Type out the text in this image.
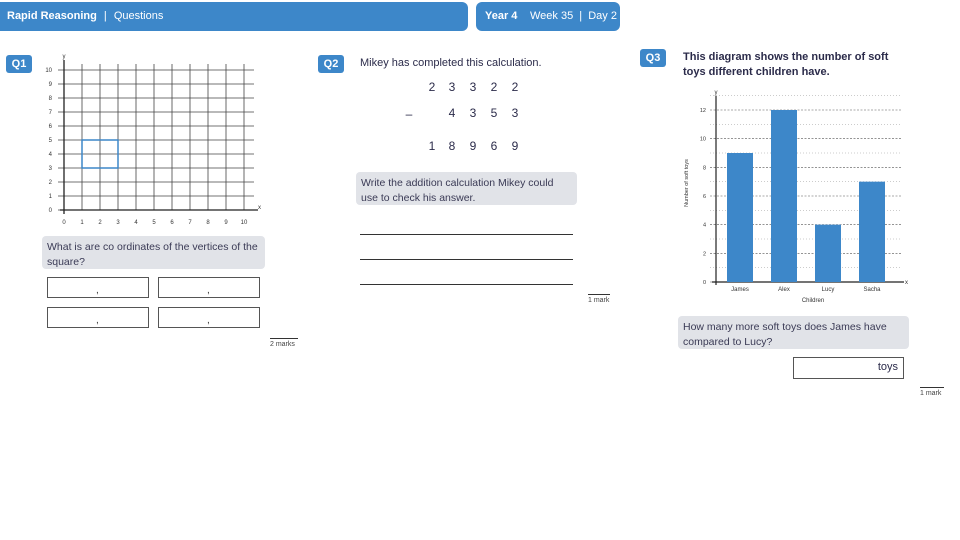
Rapid Reasoning | Questions	Year 4 Week 35 | Day 2
Q1
0 1 2 3 4 5 6 7 8 9 10
0
1
2
3
4
5
6
7
8
9
10
x
y
What is are co ordinates of the vertices of the square?
,	,
,	,
2 marks
Q2	Mikey has completed this calculation.
2 3 3 2 2
–	4 3 5 3
1 8 9 6 9
Write the addition calculation Mikey could use to check his answer.
1 mark
Q3	This diagram shows the number of soft toys different children have.
0
2
4
6
8
10
12
James	Alex	Lucy	Sacha
y
x
Children
Number of soft toys
How many more soft toys does James have compared to Lucy?
toys
1 mark
